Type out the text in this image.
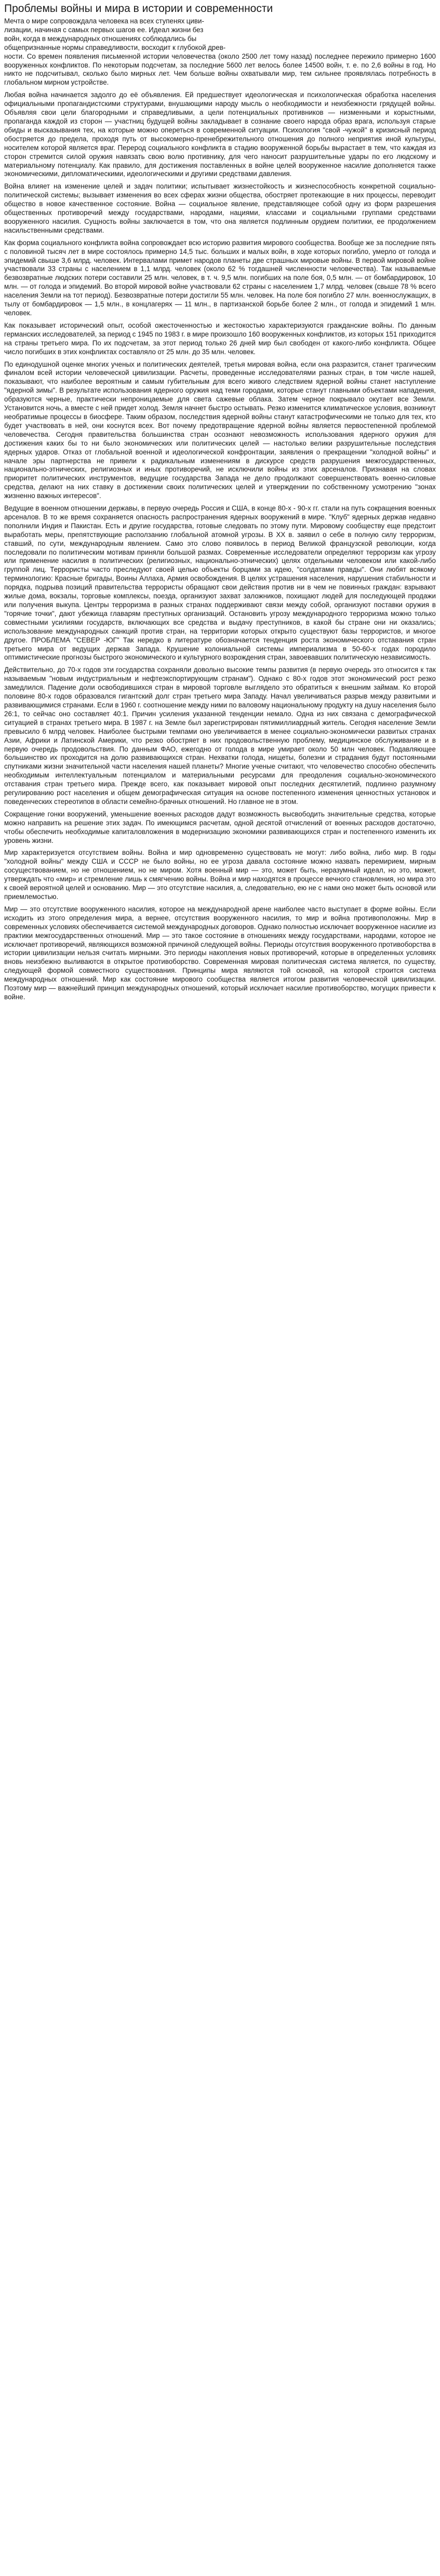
Проблемы войны и мира в истории и современности

Мечта о мире сопровождала человека на всех ступенях циви-
лизации, начиная с самых первых шагов ее. Идеал жизни без
войн, когда в международных отношениях соблюдались бы
общепризнанные нормы справедливости, восходит к глубокой древ-
ности. Со времен появления письменной истории человечества (около 2500 лет тому назад) последнее пережило примерно 1600 вооруженных конфликтов. По некоторым подсчетам, за последние 5600 лет велось более 14500 войн, т. е. по 2,6 войны в год. Но никто не подсчитывал, сколько было мирных лет. Чем больше войны охватывали мир, тем сильнее проявлялась потребность в глобальном мирном устройстве.

Любая война начинается задолго до её объявления. Ей предшествует идеологическая и психологическая обработка населения официальными пропагандистскими структурами, внушающими народу мысль о необходимости и неизбежности грядущей войны. Объявляя свои цели благородными и справедливыми, а цели потенциальных противников — низменными и корыстными, пропаганда каждой из сторон — участниц будущей войны закладывает в сознание своего народа образ врага, используя старые обиды и высказывания тех, на которые можно опереться в современной ситуации. Психология "свой -чужой" в кризисный период обостряется до предела, проходя путь от высокомерно-пренебрежительного отношения до полного неприятия иной культуры, носителем которой является враг. Перерод социального конфликта в стадию вооруженной борьбы вырастает в тем, что каждая из сторон стремится силой оружия навязать свою волю противнику, для чего наносит разрушительные удары по его людскому и материальному потенциалу. Как правило, для достижения поставленных в войне целей вооруженное насилие дополняется также экономическими, дипломатическими, идеологическими и другими средствами давления.

Война влияет на изменение целей и задач политики; испытывает жизнестойкость и жизнеспособность конкретной социально- политической системы; вызывает изменения во всех сферах жизни общества, обостряет протекающие в них процессы, переводит общество в новое качественное состояние. Война — социальное явление, представляющее собой одну из форм разрешения общественных противоречий между государствами, народами, нациями, классами и социальными группами средствами вооруженного насилия. Сущность войны заключается в том, что она является подлинным орудием политики, ее продолжением насильственными средствами.

Как форма социального конфликта война сопровождает всю историю развития мирового сообщества. Вообще же за последние пять с половиной тысяч лет в мире состоялось примерно 14,5 тыс. больших и малых войн, в ходе которых погибло, умерло от голода и эпидемий свыше 3,6 млрд. человек. Интервалами примет народов планеты две страшных мировые войны. В первой мировой войне участвовали 33 страны с населением в 1,1 млрд. человек (около 62 % тогдашней численности человечества). Так называемые безвозвратные людских потери составили 25 млн. человек, в т. ч. 9,5 млн. погибших на поле боя, 0,5 млн. — от бомбардировок, 10 млн. — от голода и эпидемий. Во второй мировой войне участвовали 62 страны с населением 1,7 млрд. человек (свыше 78 % всего населения Земли на тот период). Безвозвратные потери достигли 55 млн. человек. На поле боя погибло 27 млн. военнослужащих, в тылу от бомбардировок — 1,5 млн., в концлагерях — 11 млн., в партизанской борьбе более 2 млн., от голода и эпидемий 1 млн. человек.

Как показывает исторический опыт, особой ожесточенностью и жестокостью характеризуются гражданские войны. По данным германских исследователей, за период с 1945 по 1983 г. в мире произошло 160 вооруженных конфликтов, из которых 151 приходится на страны третьего мира. По их подсчетам, за этот период только 26 дней мир был свободен от какого-либо конфликта. Общее число погибших в этих конфликтах составляло от 25 млн. до 35 млн. человек.

По единодушной оценке многих ученых и политических деятелей, третья мировая война, если она разразится, станет трагическим финалом всей истории человеческой цивилизации. Расчеты, проведенные исследователями разных стран, в том числе нашей, показывают, что наиболее вероятным и самым губительным для всего живого следствием ядерной войны станет наступление "ядерной зимы". В результате использования ядерного оружия над теми городами, которые станут главными объектами нападения, образуются черные, практически непроницаемые для света сажевые облака. Затем черное покрывало окутает все Земли. Установится ночь, а вместе с ней придет холод. Земля начнет быстро остывать. Резко изменится климатическое условия, возникнут необратимые процессы в биосфере. Таким образом, последствия ядерной войны станут катастрофическими не только для тех, кто будет участвовать в ней, они коснутся всех. Вот почему предотвращение ядерной войны является первостепенной проблемой человечества. Сегодня правительства большинства стран осознают невозможность использования ядерного оружия для достижения каких бы то ни было экономических или политических целей — настолько велики разрушительные последствия ядерных ударов. Отказ от глобальной военной и идеологической конфронтации, заявления о прекращении "холодной войны" и начале эры партнерства не привели к радикальным изменениям в дискурсе средств разрушения межгосударственных, национально-этнических, религиозных и иных противоречий, не исключили войны из этих арсеналов. Признавая на словах приоритет политических инструментов, ведущие государства Запада не дело продолжают совершенствовать военно-силовые средства, делают на них ставку в достижении своих политических целей и утверждении по собственному усмотрению "зонах жизненно важных интересов".

Ведущие в военном отношении державы, в первую очередь Россия и США, в конце 80-х - 90-х гг. стали на путь сокращения военных арсеналов. В то же время сохраняется опасность распространения ядерных вооружений в мире. "Клуб" ядерных держав недавно пополнили Индия и Пакистан. Есть и другие государства, готовые следовать по этому пути. Мировому сообществу еще предстоит выработать меры, препятствующие расползанию глобальной атомной угрозы. В ХХ в. заявил о себе в полную силу терроризм, ставший, по сути, международным явлением. Само это слово появилось в период Великой французской революции, когда последовали по политическим мотивам приняли большой размах. Современные исследователи определяют терроризм как угрозу или применение насилия в политических (религиозных, национально-этнических) целях отдельными человеком или какой-либо группой лиц. Террористы часто преследуют своей целью объекты борцами за идею, "солдатами правды". Они любят всякому терминологию: Красные бригады, Воины Аллаха, Армия освобождения. В целях устрашения населения, нарушения стабильности и порядка, подрыва позиций правительства террористы обращают свои действия против ни в чем не повинных граждан: взрывают жилые дома, вокзалы, торговые комплексы, поезда, организуют захват заложников, похищают людей для последующей продажи или получения выкупа. Центры терроризма в разных странах поддерживают связи между собой, организуют поставки оружия в "горячие точки", дают убежища главарям преступных организаций. Остановить угрозу международного терроризма можно только совместными усилиями государств, включающих все средства и выдачу преступников, в какой бы стране они ни оказались; использование международных санкций против стран, на территории которых открыто существуют базы террористов, и многое другое. ПРОБЛЕМА "СЕВЕР -ЮГ" Так нередко в литературе обозначается тенденция роста экономического отставания стран третьего мира от ведущих держав Запада. Крушение колониальной системы империализма в 50-60-х годах породило оптимистические прогнозы быстрого экономического и культурного возрождения стран, завоевавших политическую независимость.

Действительно, до 70-х годов эти государства сохраняли довольно высокие темпы развития (в первую очередь это относится к так называемым "новым индустриальным и нефтеэкспортирующим странам"). Однако с 80-х годов этот экономический рост резко замедлился. Падение доли освободившихся стран в мировой торговле выглядело это обратиться к внешним займам. Ко второй половине 80-х годов образовался гигантский долг стран третьего мира Западу. Начал увеличиваться разрыв между развитыми и развивающимися странами. Если в 1960 г. соотношение между ними по валовому национальному продукту на душу населения было 26:1, то сейчас оно составляет 40:1. Причин усиления указанной тенденции немало. Одна из них связана с демографической ситуацией в странах третьего мира. В 1987 г. на Земле был зарегистрирован пятимиллиардный житель. Сегодня население Земли превысило 6 млрд человек. Наиболее быстрыми темпами оно увеличивается в менее социально-экономически развитых странах Азии, Африки и Латинской Америки, что резко обостряет в них продовольственную проблему, медицинское обслуживание и в первую очередь продовольствия. По данным ФАО, ежегодно от голода в мире умирает около 50 млн человек. Подавляющее большинство их проходится на долю развивающихся стран. Нехватки голода, нищеты, болезни и страдания будут постоянными спутниками жизни значительной части населения нашей планеты? Многие ученые считают, что человечество способно обеспечить необходимым интеллектуальным потенциалом и материальными ресурсами для преодоления социально-экономического отставания стран третьего мира. Прежде всего, как показывает мировой опыт последних десятилетий, подлинно разумному регулированию рост населения и общем демографическая ситуация на основе постепенного изменения ценностных установок и поведенческих стереотипов в области семейно-брачных отношений. Но главное не в этом.

Сокращение гонки вооружений, уменьшение военных расходов дадут возможность высвободить значительные средства, которые можно направить на решение этих задач. По имеющимся расчетам, одной десятой отчислений от военных расходов достаточно, чтобы обеспечить необходимые капиталовложения в модернизацию экономики развивающихся стран и постепенного изменить их уровень жизни.

Мир характеризуется отсутствием войны. Война и мир одновременно существовать не могут: либо война, либо мир. В годы "холодной войны" между США и СССР не было войны, но ее угроза давала состояние можно назвать перемирием, мирным сосуществованием, но не отношением, но не миром. Хотя военный мир — это, может быть, неразумный идеал, но это, может, утверждать что «мир» и стремление лишь к смягчению войны. Война и мир находятся в процессе вечного становления, но мира это к своей вероятной целей и основанию. Мир — это отсутствие насилия, а, следовательно, ею не с нами оно может быть основой или приемлемостью.

Мир — это отсутствие вооруженного насилия, которое на международной арене наиболее часто выступает в форме войны. Если исходить из этого определения мира, а вернее, отсутствия вооруженного насилия, то мир и война противоположны. Мир в современных условиях обеспечивается системой международных договоров. Однако полностью исключает вооруженное насилие из практики межгосударственных отношений. Мир — это такое состояние в отношениях между государствами, народами, которое не исключает противоречий, являющихся возможной причиной следующей войны. Периоды отсутствия вооруженного противоборства в истории цивилизации нельзя считать мирными. Это периоды накопления новых противоречий, которые в определенных условиях вновь неизбежно выливаются в открытое противоборство. Современная мировая политическая система является, по существу, следующей формой совместного существования. Принципы мира являются той основой, на которой строится система международных отношений. Мир как состояние мирового сообщества является итогом развития человеческой цивилизации. Поэтому мир — важнейший принцип международных отношений, который исключает насилие противоборство, могущих привести к войне.
